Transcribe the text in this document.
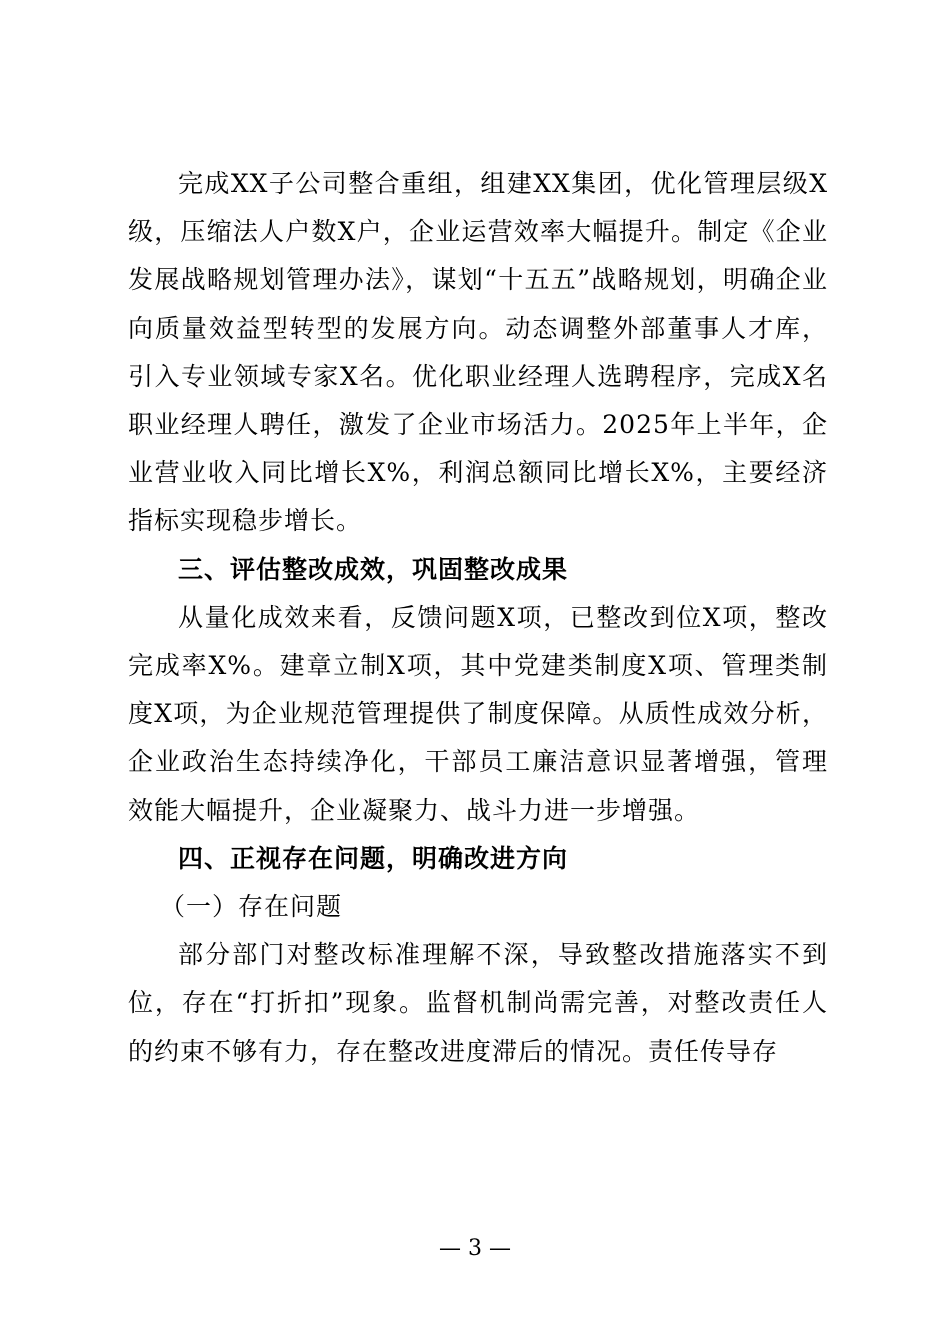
完成XX子公司整合重组，组建XX集团，优化管理层级X级，压缩法人户数X户，企业运营效率大幅提升。制定《企业发展战略规划管理办法》，谋划“十五五”战略规划，明确企业向质量效益型转型的发展方向。动态调整外部董事人才库，引入专业领域专家X名。优化职业经理人选聘程序，完成X名职业经理人聘任，激发了企业市场活力。2025年上半年，企业营业收入同比增长X%，利润总额同比增长X%，主要经济指标实现稳步增长。

三、评估整改成效，巩固整改成果

从量化成效来看，反馈问题X项，已整改到位X项，整改完成率X%。建章立制X项，其中党建类制度X项、管理类制度X项，为企业规范管理提供了制度保障。从质性成效分析，企业政治生态持续净化，干部员工廉洁意识显著增强，管理效能大幅提升，企业凝聚力、战斗力进一步增强。

四、正视存在问题，明确改进方向

（一）存在问题

部分部门对整改标准理解不深，导致整改措施落实不到位，存在“打折扣”现象。监督机制尚需完善，对整改责任人的约束不够有力，存在整改进度滞后的情况。责任传导存

— 3 —
